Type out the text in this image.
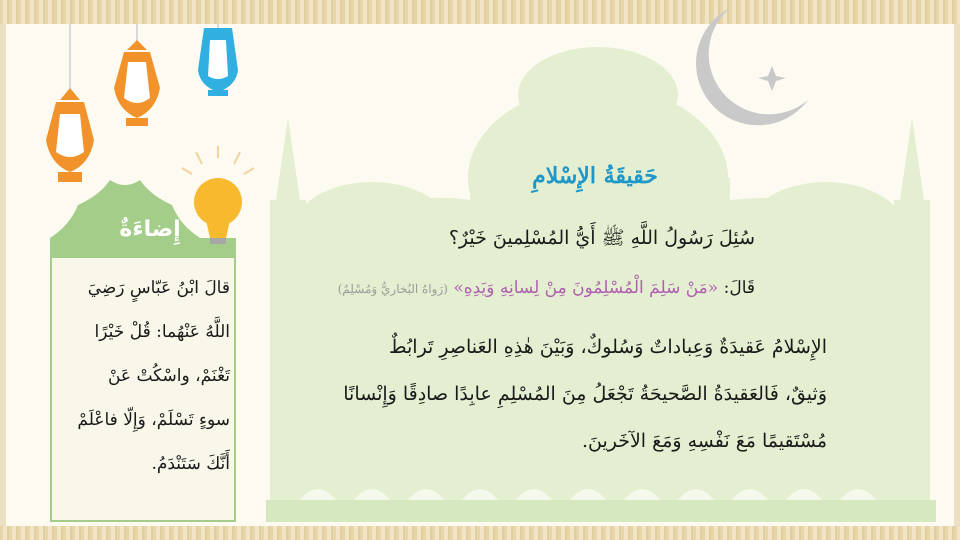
حَقيقَةُ الإِسْلامِ
سُئِلَ رَسُولُ اللَّهِ ﷺ أَيُّ المُسْلِمينَ خَيْرٌ؟
قَالَ: «مَنْ سَلِمَ الْمُسْلِمُونَ مِنْ لِسانِهِ وَيَدِهِ» (رَواهُ البُخاريُّ وَمُسْلِمٌ)

الإِسْلامُ عَقيدَةٌ وَعِباداتٌ وَسُلوكٌ، وَبَيْنَ هٰذِهِ العَناصِرِ تَرابُطٌ

وَثيقٌ، فَالعَقيدَةُ الصَّحيحَةُ تَجْعَلُ مِنَ المُسْلِمِ عابِدًا صادِقًا وَإِنْسانًا

مُسْتَقيمًا مَعَ نَفْسِهِ وَمَعَ الآخَرينَ.

إِضاءَةٌ

قالَ ابْنُ عَبّاسٍ رَضِيَ

اللَّهُ عَنْهُما: قُلْ خَيْرًا

تَغْنَمْ، واسْكُتْ عَنْ

سوءٍ تَسْلَمْ، وَإِلّا فاعْلَمْ

أَنَّكَ سَتَنْدَمُ.
